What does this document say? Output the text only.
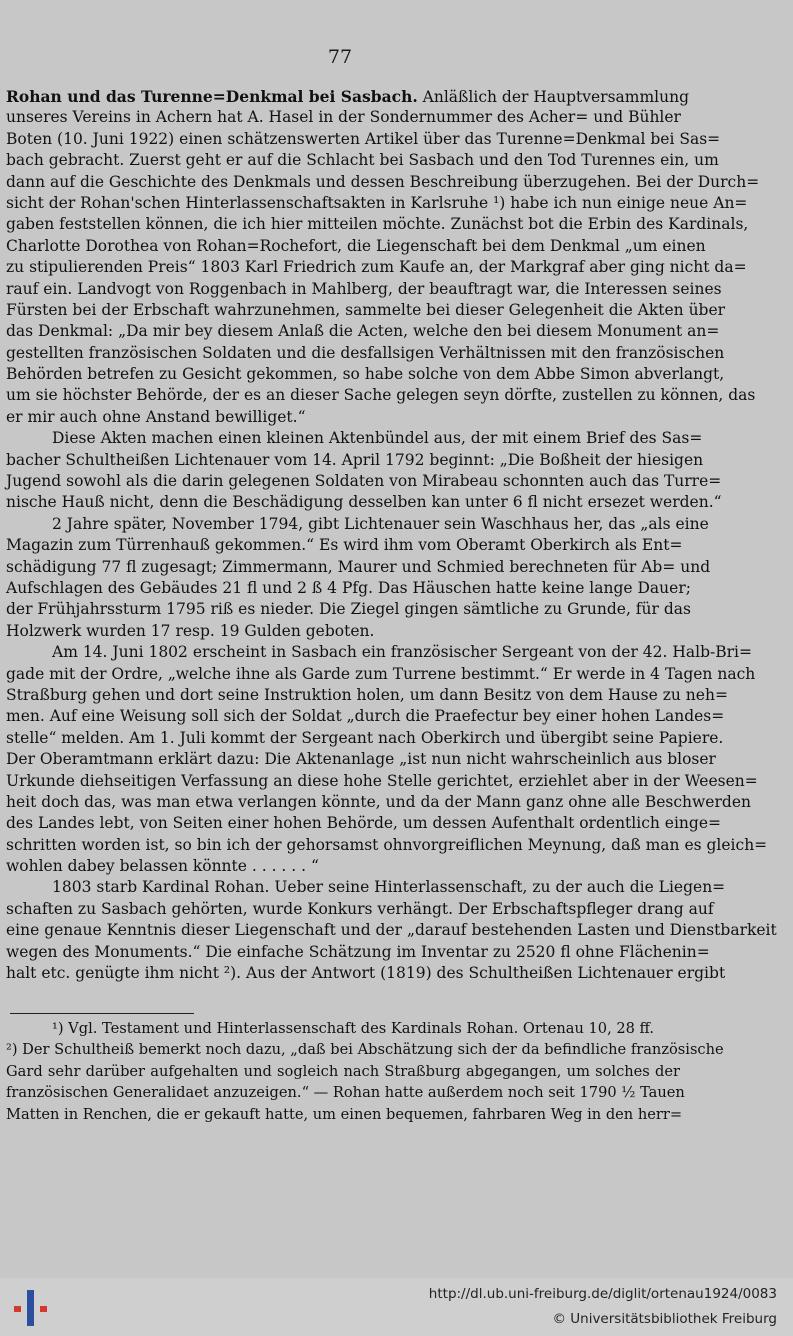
77
Rohan und das Turenne=Denkmal bei Sasbach. Anläßlich der Hauptversammlung
unseres Vereins in Achern hat A. Hasel in der Sondernummer des Acher= und Bühler
Boten (10. Juni 1922) einen schätzenswerten Artikel über das Turenne=Denkmal bei Sas=
bach gebracht. Zuerst geht er auf die Schlacht bei Sasbach und den Tod Turennes ein, um
dann auf die Geschichte des Denkmals und dessen Beschreibung überzugehen. Bei der Durch=
sicht der Rohan'schen Hinterlassenschaftsakten in Karlsruhe ¹) habe ich nun einige neue An=
gaben feststellen können, die ich hier mitteilen möchte. Zunächst bot die Erbin des Kardinals,
Charlotte Dorothea von Rohan=Rochefort, die Liegenschaft bei dem Denkmal „um einen
zu stipulierenden Preis“ 1803 Karl Friedrich zum Kaufe an, der Markgraf aber ging nicht da=
rauf ein. Landvogt von Roggenbach in Mahlberg, der beauftragt war, die Interessen seines
Fürsten bei der Erbschaft wahrzunehmen, sammelte bei dieser Gelegenheit die Akten über
das Denkmal: „Da mir bey diesem Anlaß die Acten, welche den bei diesem Monument an=
gestellten französischen Soldaten und die desfallsigen Verhältnissen mit den französischen
Behörden betrefen zu Gesicht gekommen, so habe solche von dem Abbe Simon abverlangt,
um sie höchster Behörde, der es an dieser Sache gelegen seyn dörfte, zustellen zu können, das
er mir auch ohne Anstand bewilliget.“
Diese Akten machen einen kleinen Aktenbündel aus, der mit einem Brief des Sas=
bacher Schultheißen Lichtenauer vom 14. April 1792 beginnt: „Die Boßheit der hiesigen
Jugend sowohl als die darin gelegenen Soldaten von Mirabeau schonnten auch das Turre=
nische Hauß nicht, denn die Beschädigung desselben kan unter 6 fl nicht ersezet werden.“
2 Jahre später, November 1794, gibt Lichtenauer sein Waschhaus her, das „als eine
Magazin zum Türrenhauß gekommen.“ Es wird ihm vom Oberamt Oberkirch als Ent=
schädigung 77 fl zugesagt; Zimmermann, Maurer und Schmied berechneten für Ab= und
Aufschlagen des Gebäudes 21 fl und 2 ß 4 Pfg. Das Häuschen hatte keine lange Dauer;
der Frühjahrssturm 1795 riß es nieder. Die Ziegel gingen sämtliche zu Grunde, für das
Holzwerk wurden 17 resp. 19 Gulden geboten.
Am 14. Juni 1802 erscheint in Sasbach ein französischer Sergeant von der 42. Halb-Bri=
gade mit der Ordre, „welche ihne als Garde zum Turrene bestimmt.“ Er werde in 4 Tagen nach
Straßburg gehen und dort seine Instruktion holen, um dann Besitz von dem Hause zu neh=
men. Auf eine Weisung soll sich der Soldat „durch die Praefectur bey einer hohen Landes=
stelle“ melden. Am 1. Juli kommt der Sergeant nach Oberkirch und übergibt seine Papiere.
Der Oberamtmann erklärt dazu: Die Aktenanlage „ist nun nicht wahrscheinlich aus bloser
Urkunde diehseitigen Verfassung an diese hohe Stelle gerichtet, erziehlet aber in der Weesen=
heit doch das, was man etwa verlangen könnte, und da der Mann ganz ohne alle Beschwerden
des Landes lebt, von Seiten einer hohen Behörde, um dessen Aufenthalt ordentlich einge=
schritten worden ist, so bin ich der gehorsamst ohnvorgreiflichen Meynung, daß man es gleich=
wohlen dabey belassen könnte . . . . . . “
1803 starb Kardinal Rohan. Ueber seine Hinterlassenschaft, zu der auch die Liegen=
schaften zu Sasbach gehörten, wurde Konkurs verhängt. Der Erbschaftspfleger drang auf
eine genaue Kenntnis dieser Liegenschaft und der „darauf bestehenden Lasten und Dienstbarkeit
wegen des Monuments.“ Die einfache Schätzung im Inventar zu 2520 fl ohne Flächenin=
halt etc. genügte ihm nicht ²). Aus der Antwort (1819) des Schultheißen Lichtenauer ergibt
¹) Vgl. Testament und Hinterlassenschaft des Kardinals Rohan. Ortenau 10, 28 ff.
²) Der Schultheiß bemerkt noch dazu, „daß bei Abschätzung sich der da befindliche französische
Gard sehr darüber aufgehalten und sogleich nach Straßburg abgegangen, um solches der
französischen Generalidaet anzuzeigen.“ — Rohan hatte außerdem noch seit 1790 ½ Tauen
Matten in Renchen, die er gekauft hatte, um einen bequemen, fahrbaren Weg in den herr=
http://dl.ub.uni-freiburg.de/diglit/ortenau1924/0083
© Universitätsbibliothek Freiburg
